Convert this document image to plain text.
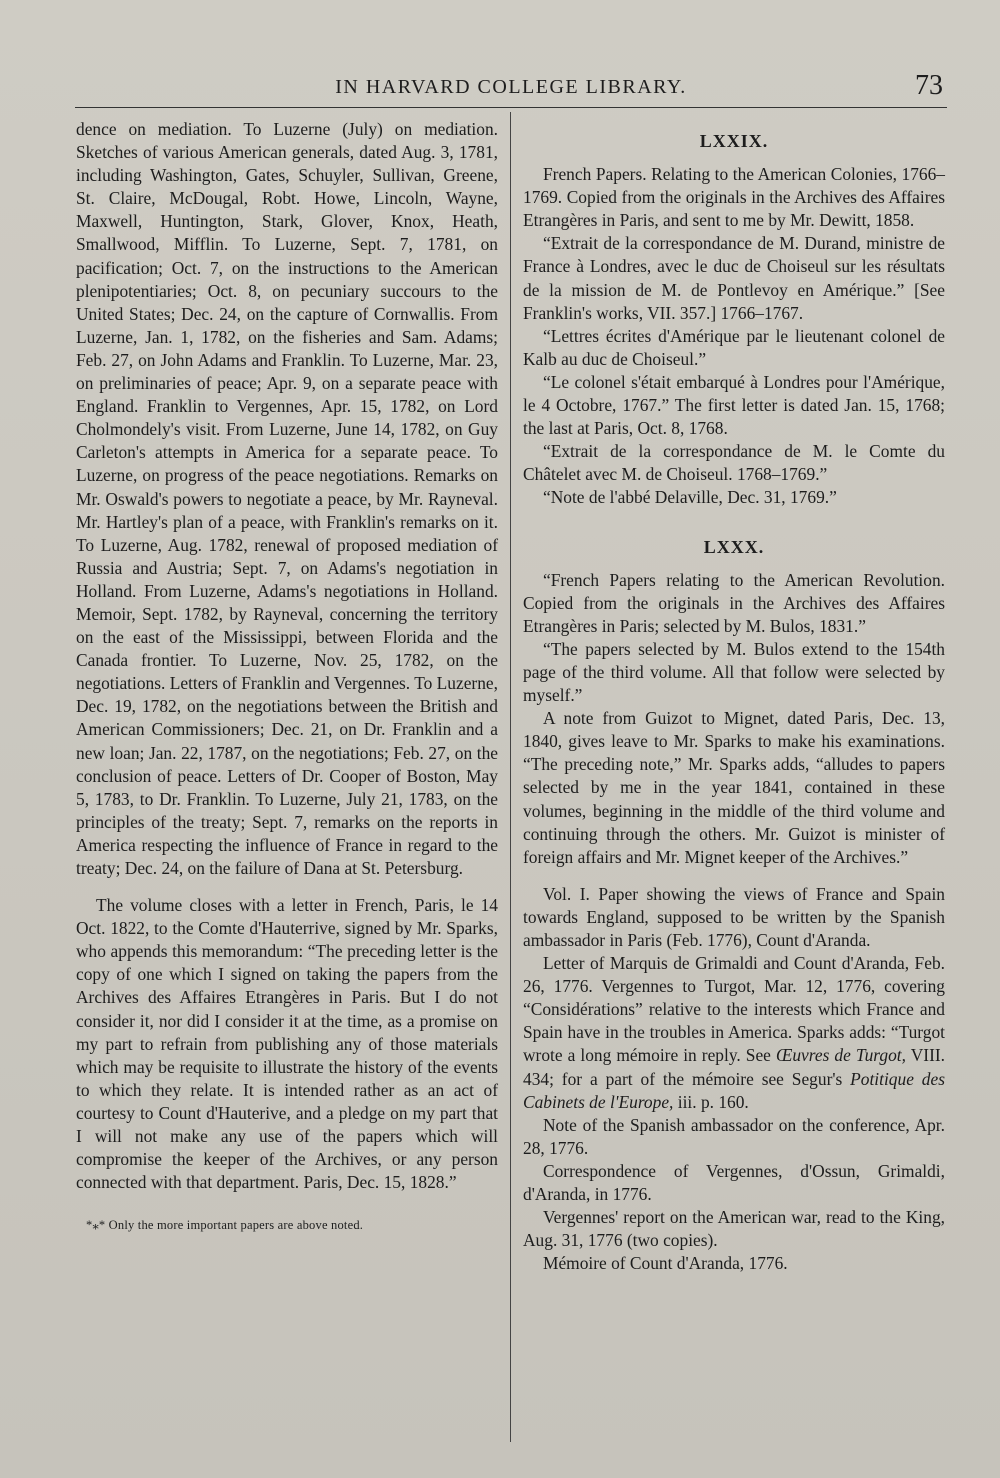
IN HARVARD COLLEGE LIBRARY.	73

dence on mediation. To Luzerne (July) on mediation. Sketches of various American generals, dated Aug. 3, 1781, including Washington, Gates, Schuyler, Sullivan, Greene, St. Claire, McDougal, Robt. Howe, Lincoln, Wayne, Maxwell, Huntington, Stark, Glover, Knox, Heath, Smallwood, Mifflin. To Luzerne, Sept. 7, 1781, on pacification; Oct. 7, on the instructions to the American plenipotentiaries; Oct. 8, on pecuniary succours to the United States; Dec. 24, on the capture of Cornwallis. From Luzerne, Jan. 1, 1782, on the fisheries and Sam. Adams; Feb. 27, on John Adams and Franklin. To Luzerne, Mar. 23, on preliminaries of peace; Apr. 9, on a separate peace with England. Franklin to Vergennes, Apr. 15, 1782, on Lord Cholmondely's visit. From Luzerne, June 14, 1782, on Guy Carleton's attempts in America for a separate peace. To Luzerne, on progress of the peace negotiations. Remarks on Mr. Oswald's powers to negotiate a peace, by Mr. Rayneval. Mr. Hartley's plan of a peace, with Franklin's remarks on it. To Luzerne, Aug. 1782, renewal of proposed mediation of Russia and Austria; Sept. 7, on Adams's negotiation in Holland. From Luzerne, Adams's negotiations in Holland. Memoir, Sept. 1782, by Rayneval, concerning the territory on the east of the Mississippi, between Florida and the Canada frontier. To Luzerne, Nov. 25, 1782, on the negotiations. Letters of Franklin and Vergennes. To Luzerne, Dec. 19, 1782, on the negotiations between the British and American Commissioners; Dec. 21, on Dr. Franklin and a new loan; Jan. 22, 1787, on the negotiations; Feb. 27, on the conclusion of peace. Letters of Dr. Cooper of Boston, May 5, 1783, to Dr. Franklin. To Luzerne, July 21, 1783, on the principles of the treaty; Sept. 7, remarks on the reports in America respecting the influence of France in regard to the treaty; Dec. 24, on the failure of Dana at St. Petersburg.

The volume closes with a letter in French, Paris, le 14 Oct. 1822, to the Comte d'Hauterrive, signed by Mr. Sparks, who appends this memorandum: “The preceding letter is the copy of one which I signed on taking the papers from the Archives des Affaires Etrangères in Paris. But I do not consider it, nor did I consider it at the time, as a promise on my part to refrain from publishing any of those materials which may be requisite to illustrate the history of the events to which they relate. It is intended rather as an act of courtesy to Count d'Hauterive, and a pledge on my part that I will not make any use of the papers which will compromise the keeper of the Archives, or any person connected with that department. Paris, Dec. 15, 1828.”

*⁎* Only the more important papers are above noted.
LXXIX.

French Papers. Relating to the American Colonies, 1766–1769. Copied from the originals in the Archives des Affaires Etrangères in Paris, and sent to me by Mr. Dewitt, 1858.

“Extrait de la correspondance de M. Durand, ministre de France à Londres, avec le duc de Choiseul sur les résultats de la mission de M. de Pontlevoy en Amérique.” [See Franklin's works, VII. 357.] 1766–1767.

“Lettres écrites d'Amérique par le lieutenant colonel de Kalb au duc de Choiseul.”

“Le colonel s'était embarqué à Londres pour l'Amérique, le 4 Octobre, 1767.” The first letter is dated Jan. 15, 1768; the last at Paris, Oct. 8, 1768.

“Extrait de la correspondance de M. le Comte du Châtelet avec M. de Choiseul. 1768–1769.”

“Note de l'abbé Delaville, Dec. 31, 1769.”

LXXX.

“French Papers relating to the American Revolution. Copied from the originals in the Archives des Affaires Etrangères in Paris; selected by M. Bulos, 1831.”

“The papers selected by M. Bulos extend to the 154th page of the third volume. All that follow were selected by myself.”

A note from Guizot to Mignet, dated Paris, Dec. 13, 1840, gives leave to Mr. Sparks to make his examinations. “The preceding note,” Mr. Sparks adds, “alludes to papers selected by me in the year 1841, contained in these volumes, beginning in the middle of the third volume and continuing through the others. Mr. Guizot is minister of foreign affairs and Mr. Mignet keeper of the Archives.”

Vol. I. Paper showing the views of France and Spain towards England, supposed to be written by the Spanish ambassador in Paris (Feb. 1776), Count d'Aranda.

Letter of Marquis de Grimaldi and Count d'Aranda, Feb. 26, 1776. Vergennes to Turgot, Mar. 12, 1776, covering “Considérations” relative to the interests which France and Spain have in the troubles in America. Sparks adds: “Turgot wrote a long mémoire in reply. See Œuvres de Turgot, VIII. 434; for a part of the mémoire see Segur's Potitique des Cabinets de l'Europe, iii. p. 160.

Note of the Spanish ambassador on the conference, Apr. 28, 1776.

Correspondence of Vergennes, d'Ossun, Grimaldi, d'Aranda, in 1776.

Vergennes' report on the American war, read to the King, Aug. 31, 1776 (two copies).

Mémoire of Count d'Aranda, 1776.
